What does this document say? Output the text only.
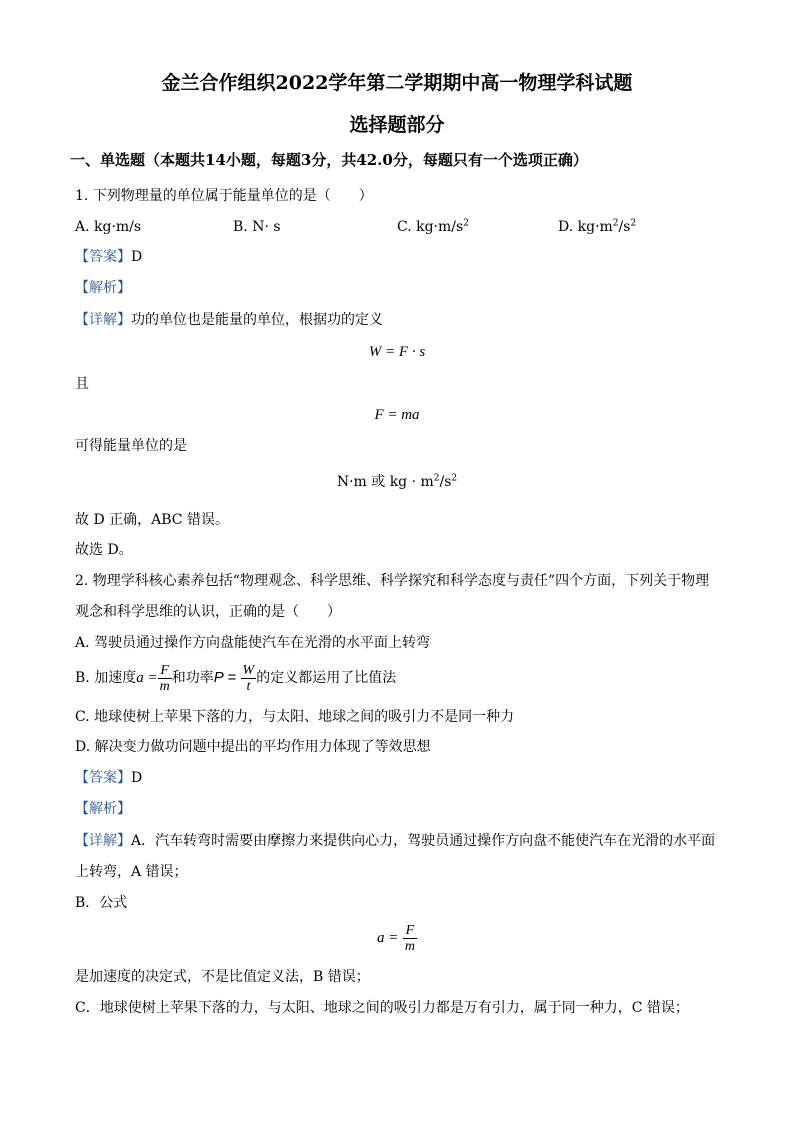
金兰合作组织2022学年第二学期期中高一物理学科试题
选择题部分
一、单选题（本题共14小题，每题3分，共42.0分，每题只有一个选项正确）
1. 下列物理量的单位属于能量单位的是（　　）
A. kg·m/s	B. N· s	C. $kg\cdot m/s^2$	D. $kg\cdot m^2/s^2$
【答案】D
【解析】
【详解】功的单位也是能量的单位，根据功的定义
W = F · s
且
F = ma
可得能量单位的是
N·m 或 kg · $m^2/s^2$
故 D 正确，ABC 错误。
故选 D。
2. 物理学科核心素养包括“物理观念、科学思维、科学探究和科学态度与责任”四个方面，下列关于物理
观念和科学思维的认识，正确的是（　　）
A. 驾驶员通过操作方向盘能使汽车在光滑的水平面上转弯
B. 加速度$a = \frac{F}{m}$ 和功率$P = \frac{W}{t}$ 的定义都运用了比值法
C. 地球使树上苹果下落的力，与太阳、地球之间的吸引力不是同一种力
D. 解决变力做功问题中提出的平均作用力体现了等效思想
【答案】D
【解析】
【详解】A．汽车转弯时需要由摩擦力来提供向心力，驾驶员通过操作方向盘不能使汽车在光滑的水平面
上转弯，A 错误；
B．公式
$a = \frac{F}{m}$
是加速度的决定式，不是比值定义法，B 错误；
C．地球使树上苹果下落的力，与太阳、地球之间的吸引力都是万有引力，属于同一种力，C 错误；
